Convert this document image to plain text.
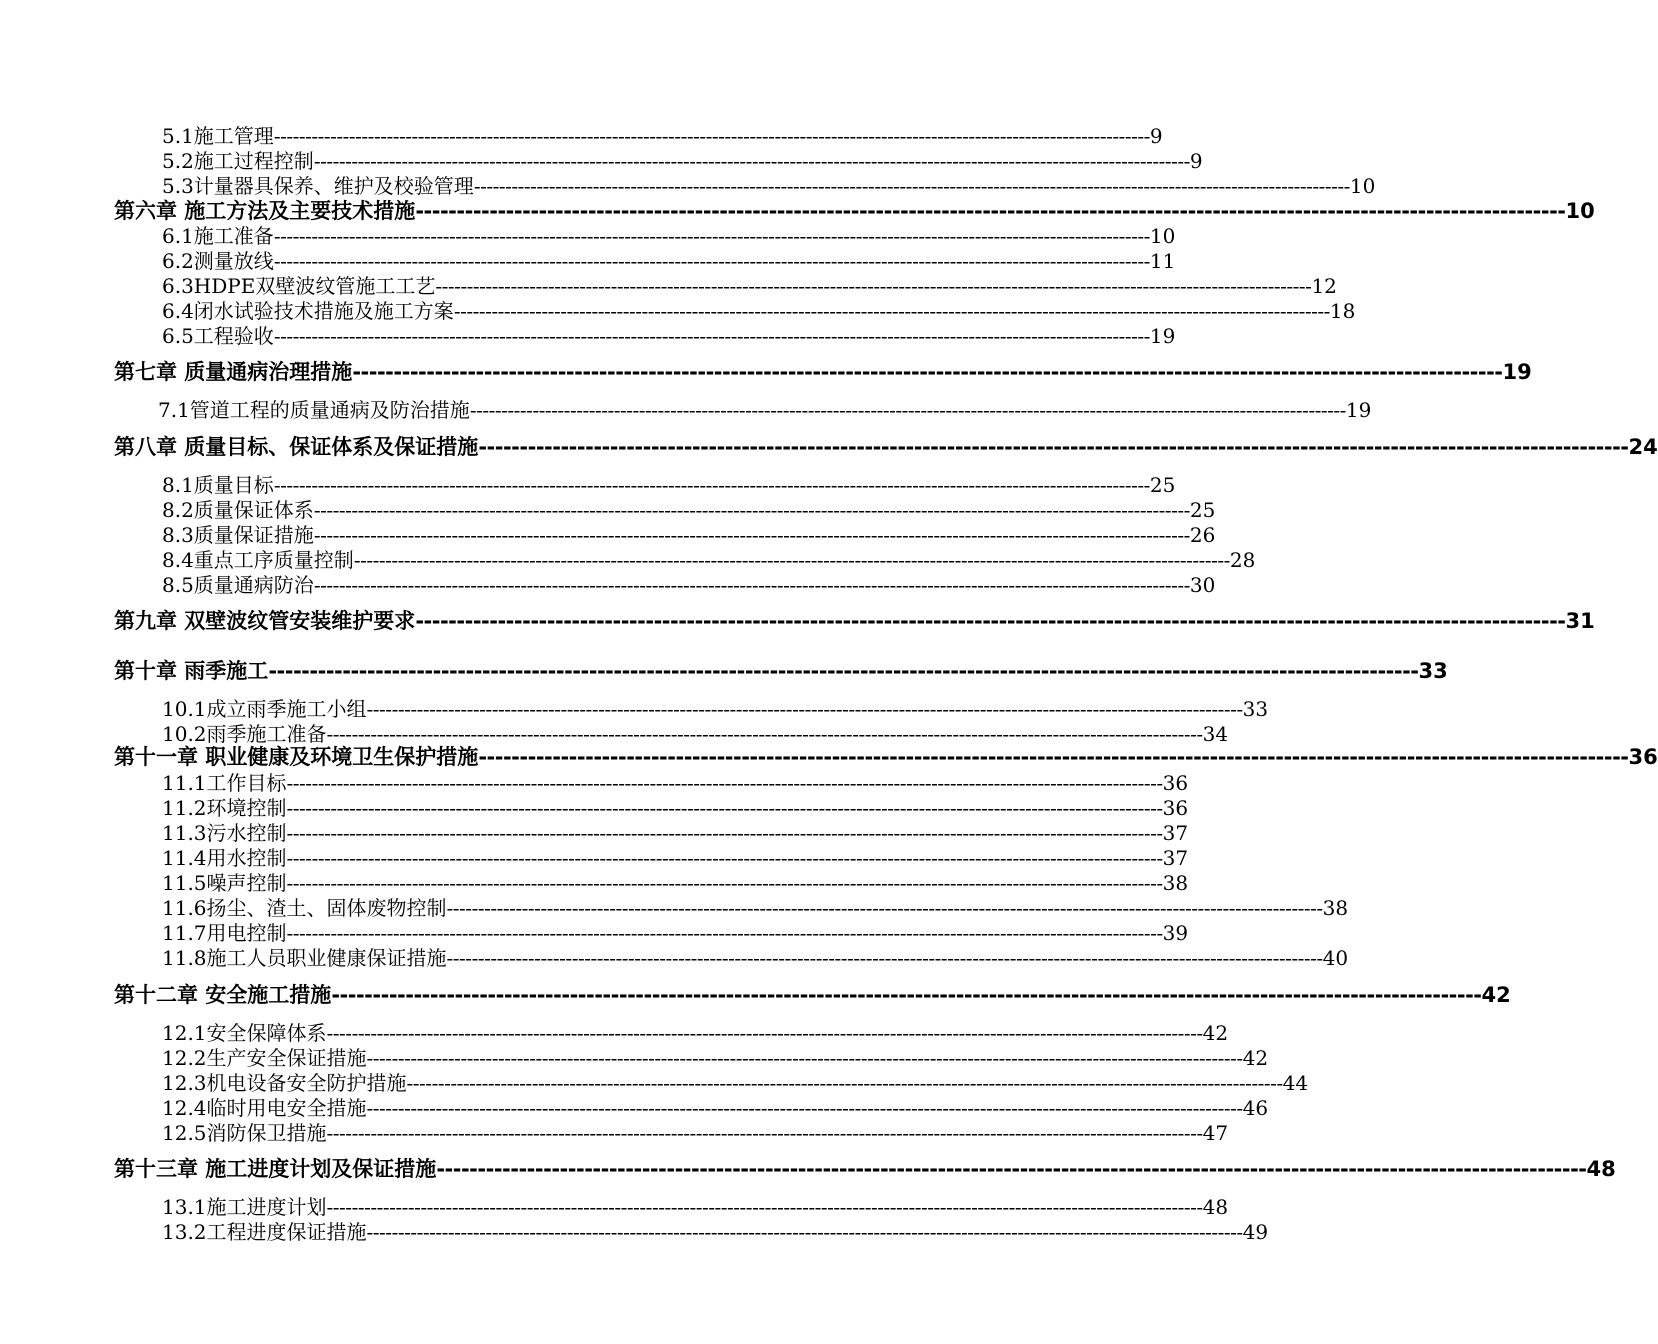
5.1施工管理 -------------------------------------------------------------------------------------------------------------------------------------------- 9
5.2施工过程控制 -------------------------------------------------------------------------------------------------------------------------------------------- 9
5.3计量器具保养、维护及校验管理 -------------------------------------------------------------------------------------------------------------------------------------------- 10
第六章 施工方法及主要技术措施 -------------------------------------------------------------------------------------------------------------------------------------------- 10
6.1施工准备 -------------------------------------------------------------------------------------------------------------------------------------------- 10
6.2测量放线 -------------------------------------------------------------------------------------------------------------------------------------------- 11
6.3HDPE双壁波纹管施工工艺 -------------------------------------------------------------------------------------------------------------------------------------------- 12
6.4闭水试验技术措施及施工方案 -------------------------------------------------------------------------------------------------------------------------------------------- 18
6.5工程验收 -------------------------------------------------------------------------------------------------------------------------------------------- 19
第七章 质量通病治理措施 -------------------------------------------------------------------------------------------------------------------------------------------- 19
7.1管道工程的质量通病及防治措施 -------------------------------------------------------------------------------------------------------------------------------------------- 19
第八章 质量目标、保证体系及保证措施 -------------------------------------------------------------------------------------------------------------------------------------------- 24
8.1质量目标 -------------------------------------------------------------------------------------------------------------------------------------------- 25
8.2质量保证体系 -------------------------------------------------------------------------------------------------------------------------------------------- 25
8.3质量保证措施 -------------------------------------------------------------------------------------------------------------------------------------------- 26
8.4重点工序质量控制 -------------------------------------------------------------------------------------------------------------------------------------------- 28
8.5质量通病防治 -------------------------------------------------------------------------------------------------------------------------------------------- 30
第九章 双壁波纹管安装维护要求 -------------------------------------------------------------------------------------------------------------------------------------------- 31
第十章 雨季施工 -------------------------------------------------------------------------------------------------------------------------------------------- 33
10.1成立雨季施工小组 -------------------------------------------------------------------------------------------------------------------------------------------- 33
10.2雨季施工准备 -------------------------------------------------------------------------------------------------------------------------------------------- 34
第十一章 职业健康及环境卫生保护措施 -------------------------------------------------------------------------------------------------------------------------------------------- 36
11.1工作目标 -------------------------------------------------------------------------------------------------------------------------------------------- 36
11.2环境控制 -------------------------------------------------------------------------------------------------------------------------------------------- 36
11.3污水控制 -------------------------------------------------------------------------------------------------------------------------------------------- 37
11.4用水控制 -------------------------------------------------------------------------------------------------------------------------------------------- 37
11.5噪声控制 -------------------------------------------------------------------------------------------------------------------------------------------- 38
11.6扬尘、渣土、固体废物控制 -------------------------------------------------------------------------------------------------------------------------------------------- 38
11.7用电控制 -------------------------------------------------------------------------------------------------------------------------------------------- 39
11.8施工人员职业健康保证措施 -------------------------------------------------------------------------------------------------------------------------------------------- 40
第十二章 安全施工措施 -------------------------------------------------------------------------------------------------------------------------------------------- 42
12.1安全保障体系 -------------------------------------------------------------------------------------------------------------------------------------------- 42
12.2生产安全保证措施 -------------------------------------------------------------------------------------------------------------------------------------------- 42
12.3机电设备安全防护措施 -------------------------------------------------------------------------------------------------------------------------------------------- 44
12.4临时用电安全措施 -------------------------------------------------------------------------------------------------------------------------------------------- 46
12.5消防保卫措施 -------------------------------------------------------------------------------------------------------------------------------------------- 47
第十三章 施工进度计划及保证措施 -------------------------------------------------------------------------------------------------------------------------------------------- 48
13.1施工进度计划 -------------------------------------------------------------------------------------------------------------------------------------------- 48
13.2工程进度保证措施 -------------------------------------------------------------------------------------------------------------------------------------------- 49
